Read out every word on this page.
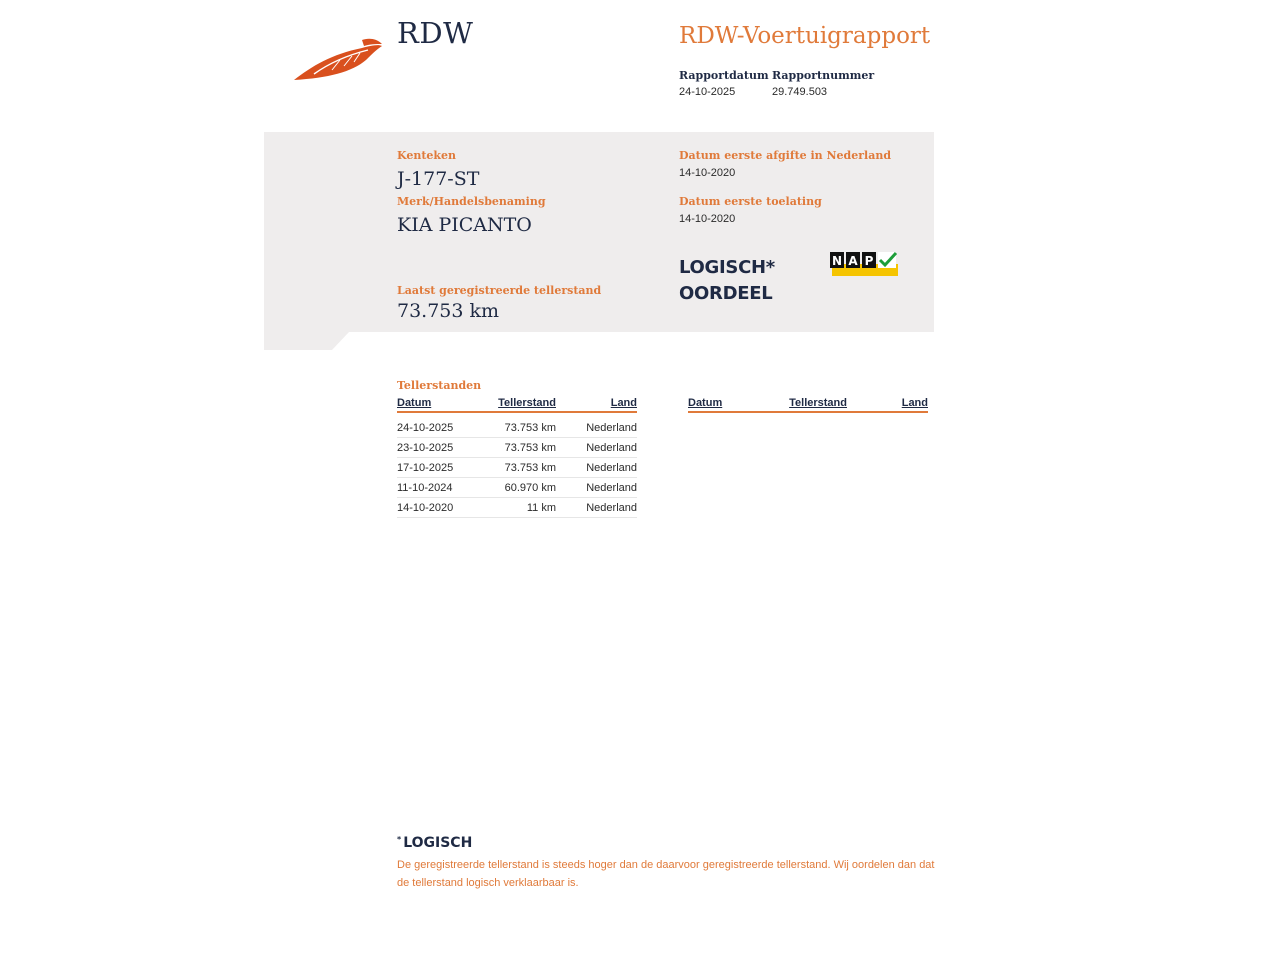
RDW	RDW-Voertuigrapport
Rapportdatum
24-10-2025
Rapportnummer
29.749.503
Kenteken
J-177-ST
Merk/Handelsbenaming
KIA PICANTO
Laatst geregistreerde tellerstand
73.753 km
Datum eerste afgifte in Nederland
14-10-2020
Datum eerste toelating
14-10-2020
LOGISCH*
OORDEEL
N A P
Tellerstanden
Datum	Tellerstand	Land

24-10-2025	73.753 km	Nederland
23-10-2025	73.753 km	Nederland
17-10-2025	73.753 km	Nederland
11-10-2024	60.970 km	Nederland
14-10-2020	11 km	Nederland
Datum	Tellerstand	Land
* LOGISCH
De geregistreerde tellerstand is steeds hoger dan de daarvoor geregistreerde tellerstand. Wij oordelen dan dat de tellerstand logisch verklaarbaar is.
